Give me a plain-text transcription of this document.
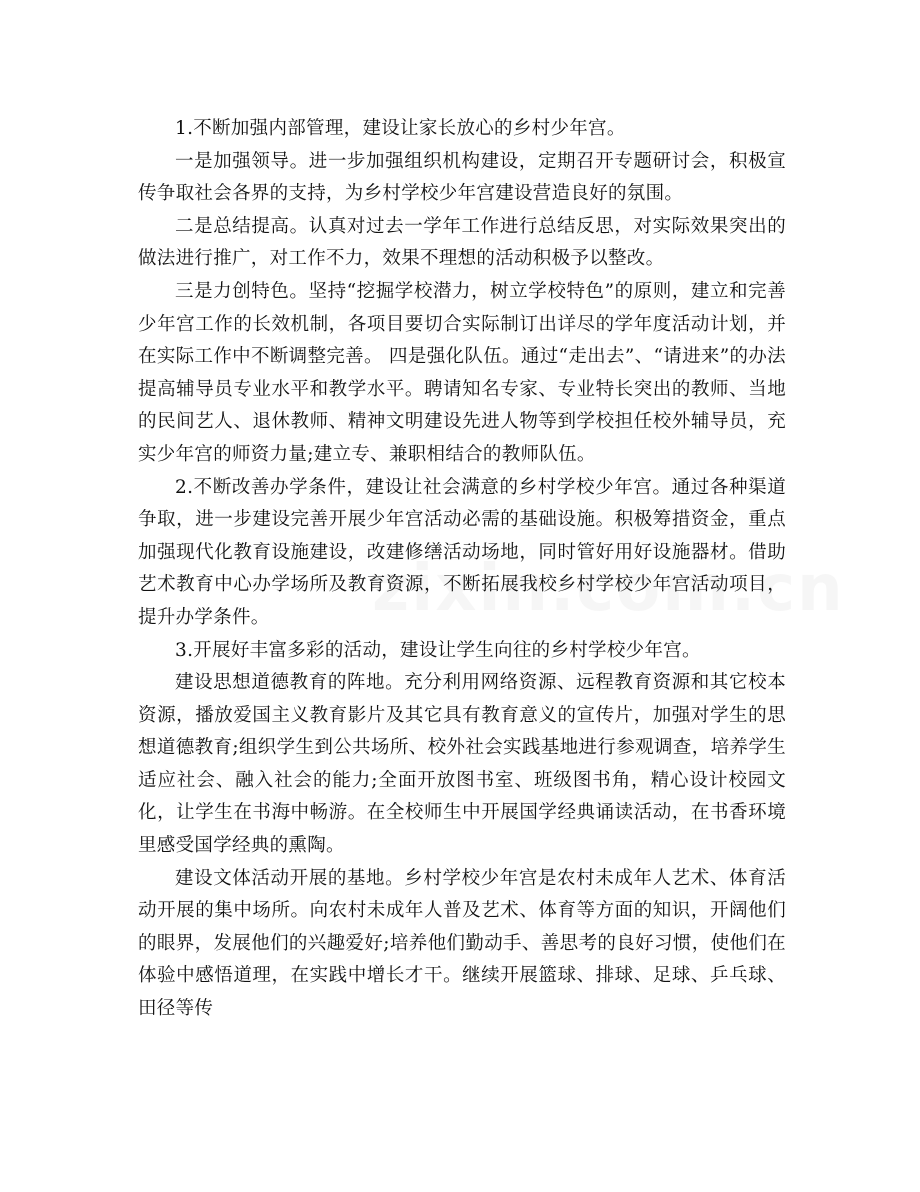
1.不断加强内部管理，建设让家长放心的乡村少年宫。

一是加强领导。进一步加强组织机构建设，定期召开专题研讨会，积极宣传争取社会各界的支持，为乡村学校少年宫建设营造良好的氛围。

二是总结提高。认真对过去一学年工作进行总结反思，对实际效果突出的做法进行推广，对工作不力，效果不理想的活动积极予以整改。

三是力创特色。坚持“挖掘学校潜力，树立学校特色”的原则，建立和完善少年宫工作的长效机制，各项目要切合实际制订出详尽的学年度活动计划，并在实际工作中不断调整完善。 四是强化队伍。通过“走出去”、“请进来”的办法提高辅导员专业水平和教学水平。聘请知名专家、专业特长突出的教师、当地的民间艺人、退休教师、精神文明建设先进人物等到学校担任校外辅导员，充实少年宫的师资力量;建立专、兼职相结合的教师队伍。

2.不断改善办学条件，建设让社会满意的乡村学校少年宫。通过各种渠道争取，进一步建设完善开展少年宫活动必需的基础设施。积极筹措资金，重点加强现代化教育设施建设，改建修缮活动场地，同时管好用好设施器材。借助艺术教育中心办学场所及教育资源，不断拓展我校乡村学校少年宫活动项目，提升办学条件。

3.开展好丰富多彩的活动，建设让学生向往的乡村学校少年宫。

建设思想道德教育的阵地。充分利用网络资源、远程教育资源和其它校本资源，播放爱国主义教育影片及其它具有教育意义的宣传片，加强对学生的思想道德教育;组织学生到公共场所、校外社会实践基地进行参观调查，培养学生适应社会、融入社会的能力;全面开放图书室、班级图书角，精心设计校园文化，让学生在书海中畅游。在全校师生中开展国学经典诵读活动，在书香环境里感受国学经典的熏陶。

建设文体活动开展的基地。乡村学校少年宫是农村未成年人艺术、体育活动开展的集中场所。向农村未成年人普及艺术、体育等方面的知识，开阔他们的眼界，发展他们的兴趣爱好;培养他们勤动手、善思考的良好习惯，使他们在体验中感悟道理，在实践中增长才干。继续开展篮球、排球、足球、乒乓球、田径等传
